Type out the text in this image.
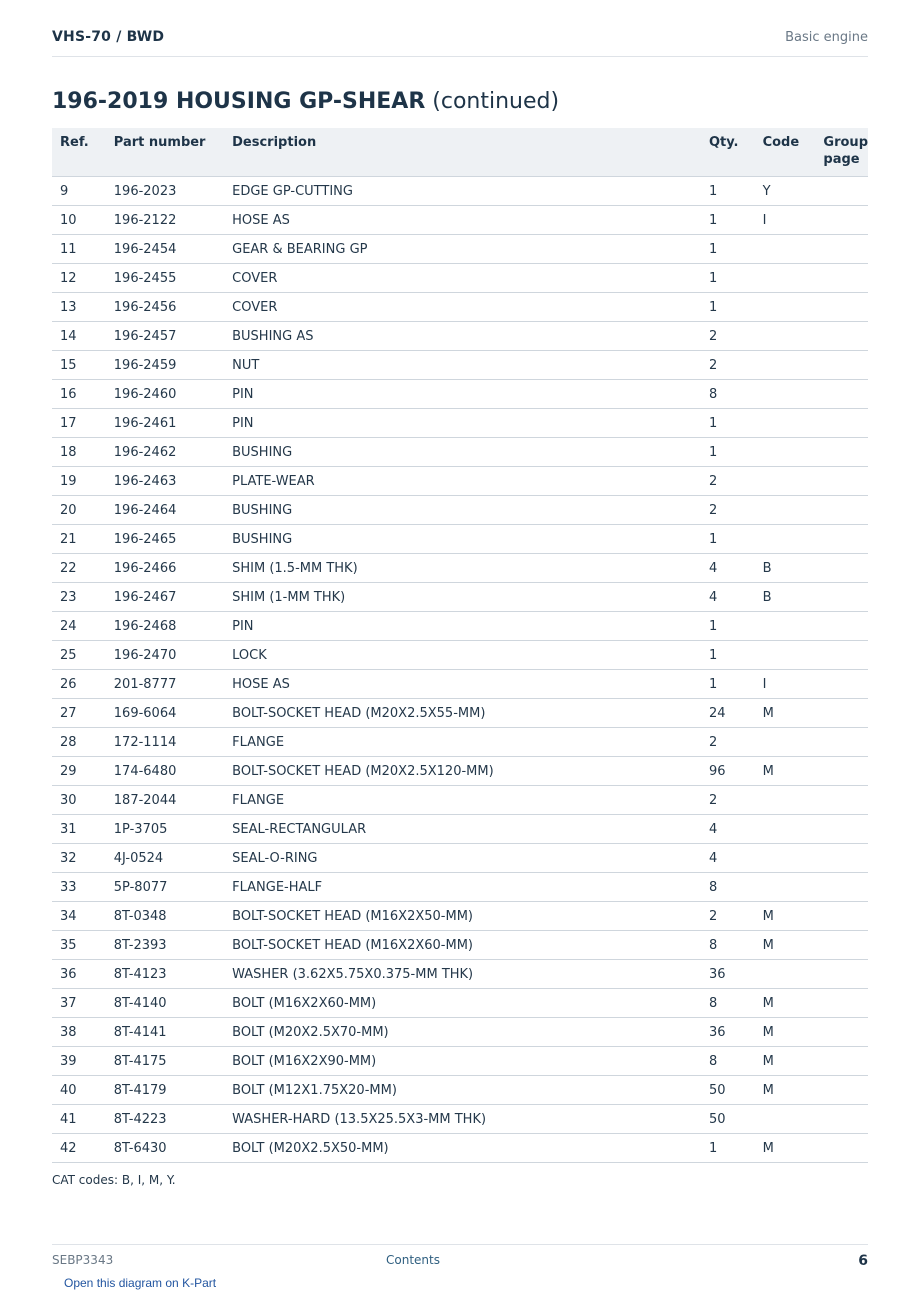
VHS-70 / BWD	Basic engine
196-2019 HOUSING GP-SHEAR (continued)
Ref.	Part number	Description	Qty.	Code	Group page
9	196-2023	EDGE GP-CUTTING	1	Y	
10	196-2122	HOSE AS	1	I	
11	196-2454	GEAR & BEARING GP	1		
12	196-2455	COVER	1		
13	196-2456	COVER	1		
14	196-2457	BUSHING AS	2		
15	196-2459	NUT	2		
16	196-2460	PIN	8		
17	196-2461	PIN	1		
18	196-2462	BUSHING	1		
19	196-2463	PLATE-WEAR	2		
20	196-2464	BUSHING	2		
21	196-2465	BUSHING	1		
22	196-2466	SHIM (1.5-MM THK)	4	B	
23	196-2467	SHIM (1-MM THK)	4	B	
24	196-2468	PIN	1		
25	196-2470	LOCK	1		
26	201-8777	HOSE AS	1	I	
27	169-6064	BOLT-SOCKET HEAD (M20X2.5X55-MM)	24	M	
28	172-1114	FLANGE	2		
29	174-6480	BOLT-SOCKET HEAD (M20X2.5X120-MM)	96	M	
30	187-2044	FLANGE	2		
31	1P-3705	SEAL-RECTANGULAR	4		
32	4J-0524	SEAL-O-RING	4		
33	5P-8077	FLANGE-HALF	8		
34	8T-0348	BOLT-SOCKET HEAD (M16X2X50-MM)	2	M	
35	8T-2393	BOLT-SOCKET HEAD (M16X2X60-MM)	8	M	
36	8T-4123	WASHER (3.62X5.75X0.375-MM THK)	36		
37	8T-4140	BOLT (M16X2X60-MM)	8	M	
38	8T-4141	BOLT (M20X2.5X70-MM)	36	M	
39	8T-4175	BOLT (M16X2X90-MM)	8	M	
40	8T-4179	BOLT (M12X1.75X20-MM)	50	M	
41	8T-4223	WASHER-HARD (13.5X25.5X3-MM THK)	50		
42	8T-6430	BOLT (M20X2.5X50-MM)	1	M	
CAT codes: B, I, M, Y.
SEBP3343	Contents	6
Open this diagram on K-Part
